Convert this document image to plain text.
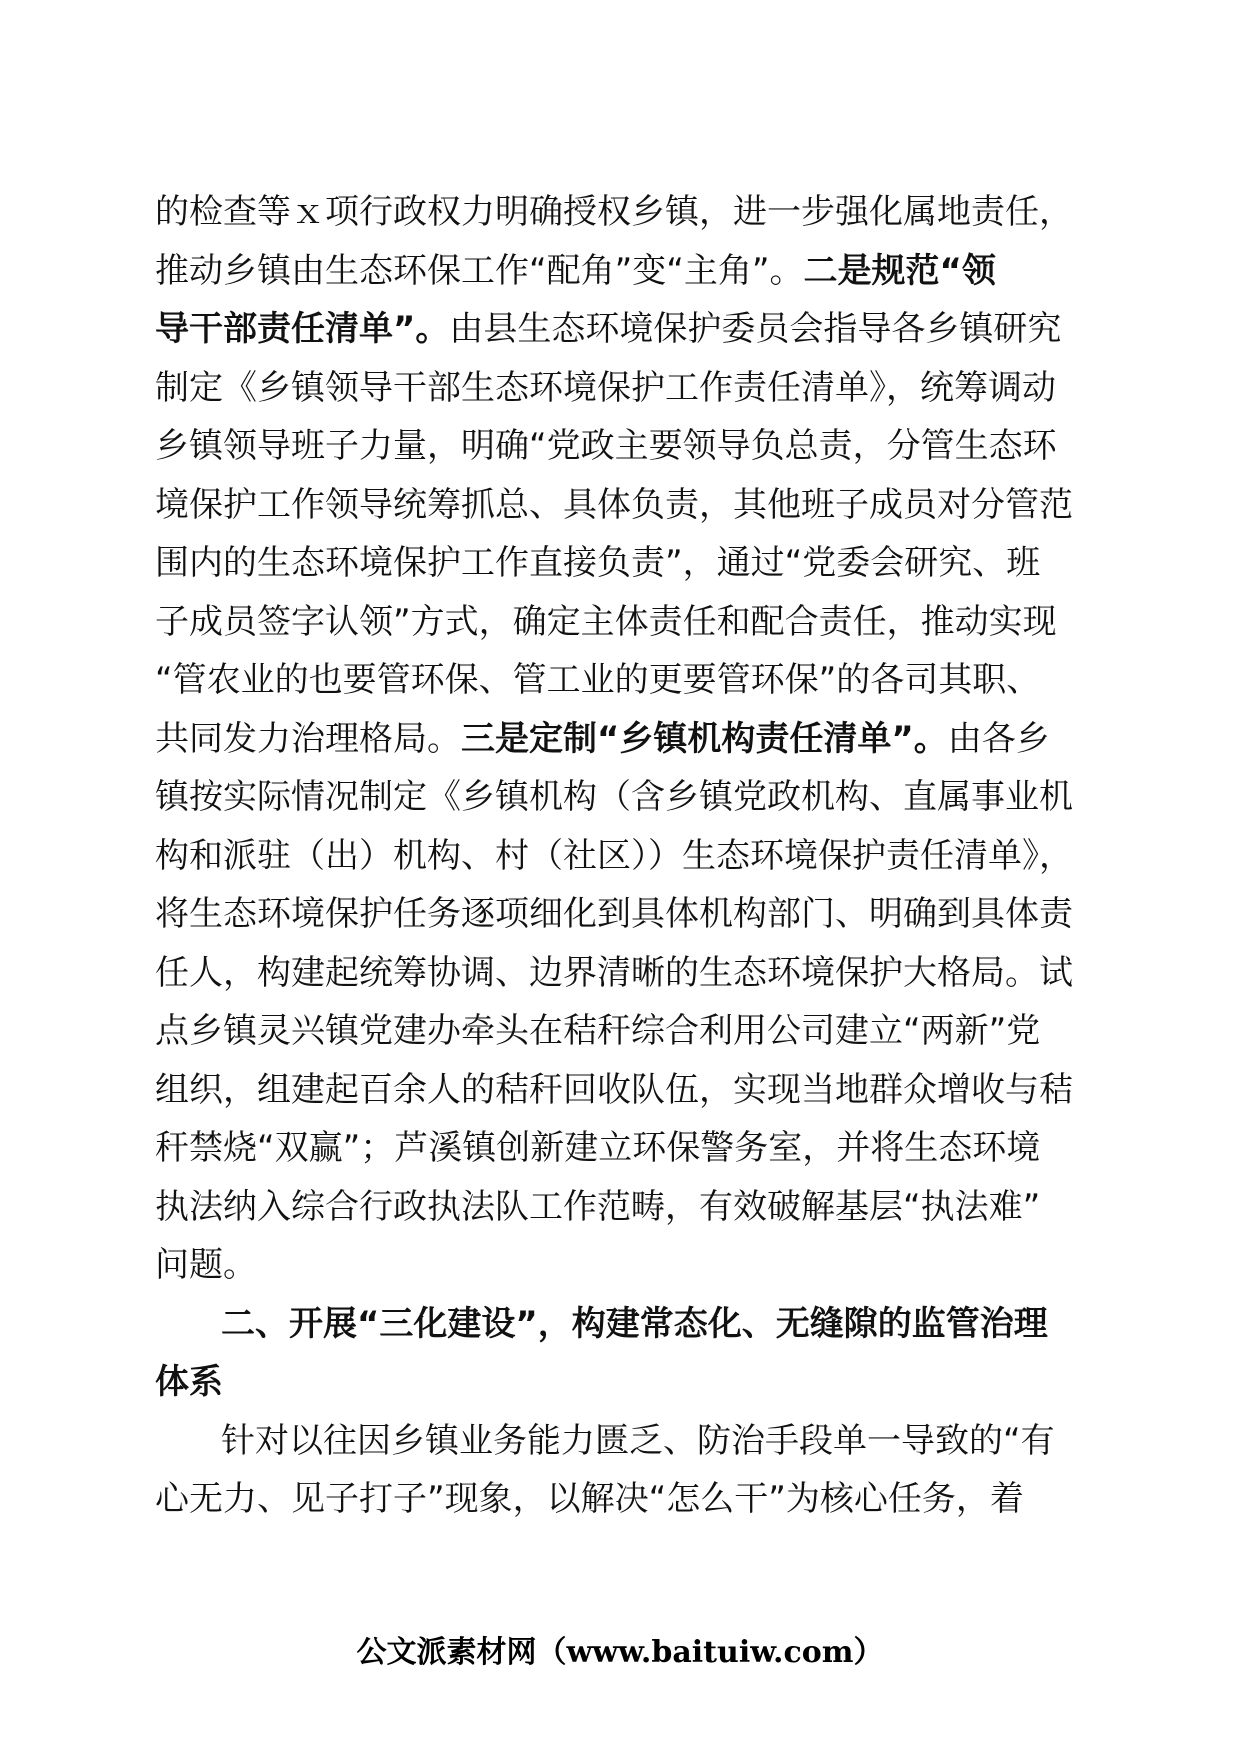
的检查等ｘ项行政权力明确授权乡镇，进一步强化属地责任，
推动乡镇由生态环保工作“配角”变“主角”。二是规范“领
导干部责任清单”。由县生态环境保护委员会指导各乡镇研究
制定《乡镇领导干部生态环境保护工作责任清单》，统筹调动
乡镇领导班子力量，明确“党政主要领导负总责，分管生态环
境保护工作领导统筹抓总、具体负责，其他班子成员对分管范
围内的生态环境保护工作直接负责”，通过“党委会研究、班
子成员签字认领”方式，确定主体责任和配合责任，推动实现
“管农业的也要管环保、管工业的更要管环保”的各司其职、
共同发力治理格局。三是定制“乡镇机构责任清单”。由各乡
镇按实际情况制定《乡镇机构（含乡镇党政机构、直属事业机
构和派驻（出）机构、村（社区））生态环境保护责任清单》，
将生态环境保护任务逐项细化到具体机构部门、明确到具体责
任人，构建起统筹协调、边界清晰的生态环境保护大格局。试
点乡镇灵兴镇党建办牵头在秸秆综合利用公司建立“两新”党
组织，组建起百余人的秸秆回收队伍，实现当地群众增收与秸
秆禁烧“双赢”；芦溪镇创新建立环保警务室，并将生态环境
执法纳入综合行政执法队工作范畴，有效破解基层“执法难”
问题。
二、开展“三化建设”，构建常态化、无缝隙的监管治理
体系
针对以往因乡镇业务能力匮乏、防治手段单一导致的“有
心无力、见子打子”现象，以解决“怎么干”为核心任务，着
公文派素材网（www.baituiw.com）
